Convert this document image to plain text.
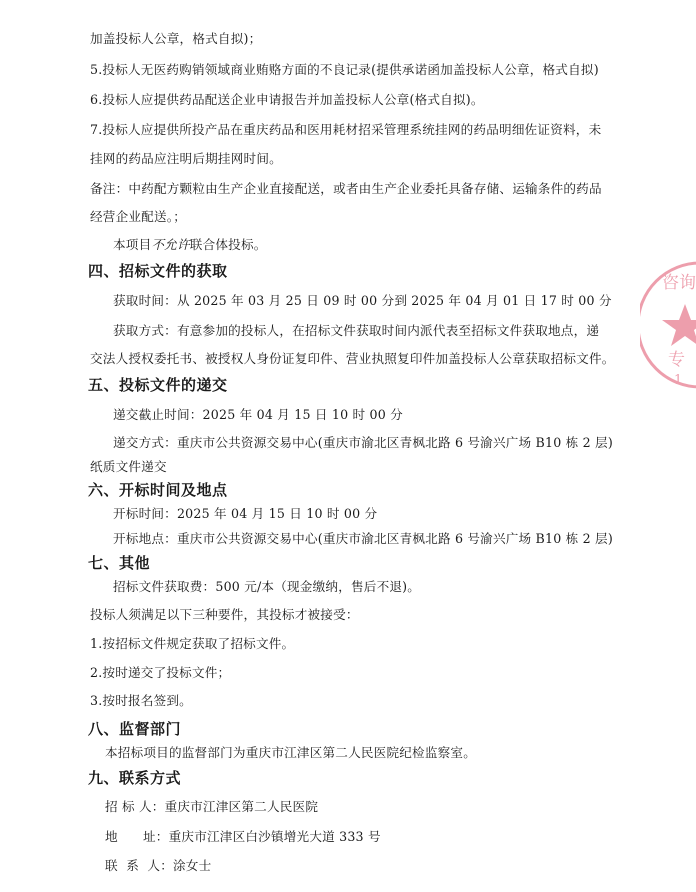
加盖投标人公章，格式自拟)；
5.投标人无医药购销领域商业贿赂方面的不良记录(提供承诺函加盖投标人公章，格式自拟)
6.投标人应提供药品配送企业申请报告并加盖投标人公章(格式自拟)。
7.投标人应提供所投产品在重庆药品和医用耗材招采管理系统挂网的药品明细佐证资料，未
挂网的药品应注明后期挂网时间。
备注：中药配方颗粒由生产企业直接配送，或者由生产企业委托具备存储、运输条件的药品
经营企业配送。；
本项目不允许联合体投标。
四、招标文件的获取
获取时间：从 2025 年 03 月 25 日 09 时 00 分到 2025 年 04 月 01 日 17 时 00 分
获取方式：有意参加的投标人，在招标文件获取时间内派代表至招标文件获取地点，递
交法人授权委托书、被授权人身份证复印件、营业执照复印件加盖投标人公章获取招标文件。
五、投标文件的递交
递交截止时间：2025 年 04 月 15 日 10 时 00 分
递交方式：重庆市公共资源交易中心(重庆市渝北区青枫北路 6 号渝兴广场 B10 栋 2 层)
纸质文件递交
六、开标时间及地点
开标时间：2025 年 04 月 15 日 10 时 00 分
开标地点：重庆市公共资源交易中心(重庆市渝北区青枫北路 6 号渝兴广场 B10 栋 2 层)
七、其他
招标文件获取费：500 元/本（现金缴纳，售后不退)。
投标人须满足以下三种要件，其投标才被接受：
1.按招标文件规定获取了招标文件。
2.按时递交了投标文件；
3.按时报名签到。
八、监督部门
本招标项目的监督部门为重庆市江津区第二人民医院纪检监察室。
九、联系方式
招 标 人：重庆市江津区第二人民医院
地      址：重庆市江津区白沙镇增光大道 333 号
联  系  人：涂女士
咨询
专
1
